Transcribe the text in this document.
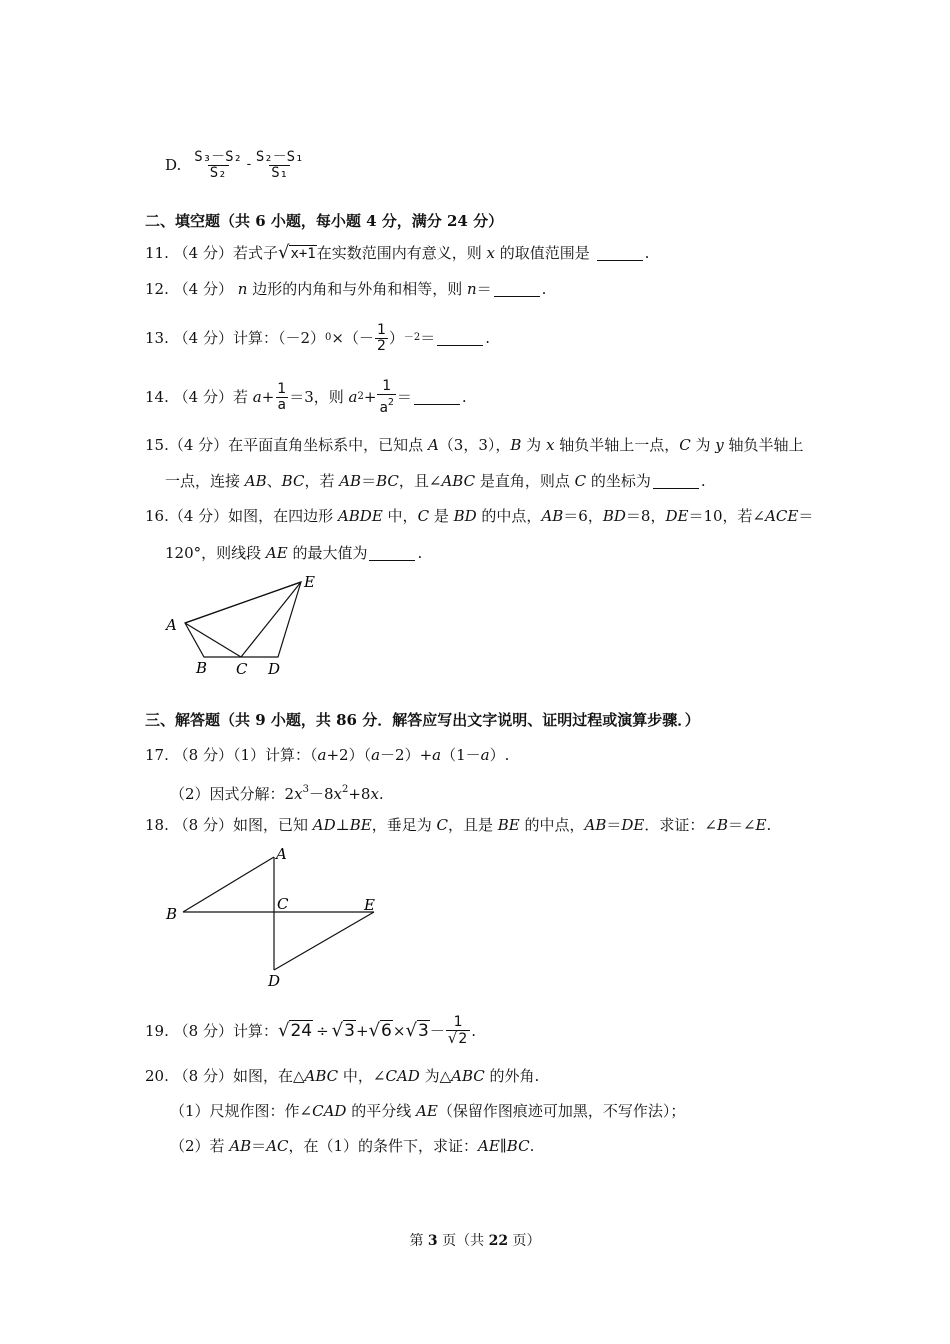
D. $\frac{\text{S₃－S₂}}{\text{S₂}} - \frac{\text{S₂－S₁}}{\text{S₁}}$
二、填空题（共 6 小题，每小题 4 分，满分 24 分）
11. （4 分）若式子√x+1在实数范围内有意义，则 x 的取值范围是	.
12. （4 分） n 边形的内角和与外角和相等，则 n＝	.
13.
（4 分） 计算：（－2） 0 ×（ － $\frac{1}{2}$ ） －2 ＝	.
14.
（4 分） 若
$a + \frac{1}{a} =3$，则
a $2 + \frac{1}{a^2}$ ＝	.
15.（4 分）在平面直角坐标系中，已知点 A（3，3），B 为 x 轴负半轴上一点，C 为 y 轴负半轴上
一点，连接 AB、BC，若 AB＝BC，且∠ABC 是直角，则点 C 的坐标为	.
16.（4 分）如图，在四边形 ABDE 中，C 是 BD 的中点，AB＝6，BD＝8，DE＝10，若∠ACE＝
120°，则线段 AE 的最大值为	.
A
B C D
E
三、解答题（共 9 小题，共 86 分．解答应写出文字说明、证明过程或演算步骤．）
17. （8 分）（1）计算：（a+2）（a－2）+a（1－a）.
（2）因式分解：$2x^3-8x^2+8x$.
18. （8 分）如图，已知 AD⊥BE，垂足为 C，且是 BE 的中点，AB＝DE．求证：∠B＝∠E.
A
B
C
D
E
19.
（8 分） 计算： $√24 \div √3 + √6 \times √3 - \frac{1}{√2}$ .
20. （8 分）如图，在△ABC 中，∠CAD 为△ABC 的外角.
（1）尺规作图：作∠CAD 的平分线 AE（保留作图痕迹可加黑，不写作法）；
（2）若 AB＝AC，在（1）的条件下，求证：AE∥BC.
第 3 页（共 22 页）
